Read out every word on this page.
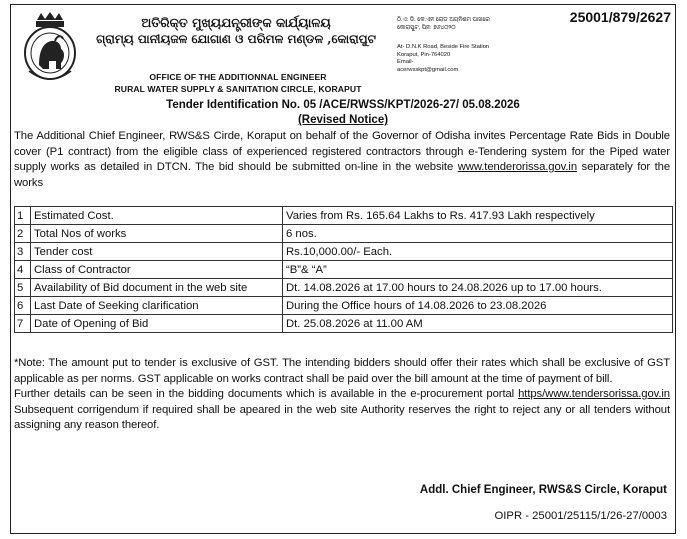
ଅତିରିକ୍ତ ମୁଖ୍ୟଯନ୍ତ୍ରୀଙ୍କ କାର୍ଯ୍ୟାଳୟ
ଗ୍ରାମ୍ୟ ପାନୀୟଜଳ ଯୋଗାଣ ଓ ପରିମଳ ମଣ୍ଡଳ ,କୋରାପୁଟ
OFFICE OF THE ADDITIONNAL ENGINEER
RURAL WATER SUPPLY & SANITATION CIRCLE, KORAPUT
ଠି.ଏ: ଡି. କେ.ଏନ ରୋଡ ଅଗ୍ନିଶମ ପାଖରେ
କୋରାପୁଟ, ପିନ: ୭୬୪୦୨୦
At- D.N.K Road, Beside Fire Station
Koraput, Pin-764020
Email-
acerwsskpt@gmail.com
25001/879/2627
Tender Identification No. 05 /ACE/RWSS/KPT/2026-27/ 05.08.2026
(Revised Notice)
The Additional Chief Engineer, RWS&S Cirde, Koraput on behalf of the Governor of Odisha invites Percentage Rate Bids in Double cover (P1 contract) from the eligible class of experienced registered contractors through e-Tendering system for the Piped water supply works as detailed in DTCN. The bid should be submitted on-line in the website www.tenderorissa.gov.in separately for the works
1	Estimated Cost.	Varies from Rs. 165.64 Lakhs to Rs. 417.93 Lakh respectively
2	Total Nos of works	6 nos.
3	Tender cost	Rs.10,000.00/- Each.
4	Class of Contractor	“B”& “A”
5	Availability of Bid document in the web site	Dt. 14.08.2026 at 17.00 hours to 24.08.2026 up to 17.00 hours.
6	Last Date of Seeking clarification	During the Office hours of 14.08.2026 to 23.08.2026
7	Date of Opening of Bid	Dt. 25.08.2026 at 11.00 AM

*Note: The amount put to tender is exclusive of GST. The intending bidders should offer their rates which shall be exclusive of GST applicable as per norms. GST applicable on works contract shall be paid over the bill amount at the time of payment of bill.

Further details can be seen in the bidding documents which is available in the e-procurement portal https/www.tendersorissa.gov.in Subsequent corrigendum if required shall be apeared in the web site Authority reserves the right to reject any or all tenders without assigning any reason thereof.

Addl. Chief Engineer, RWS&S Circle, Koraput
OIPR - 25001/25115/1/26-27/0003
